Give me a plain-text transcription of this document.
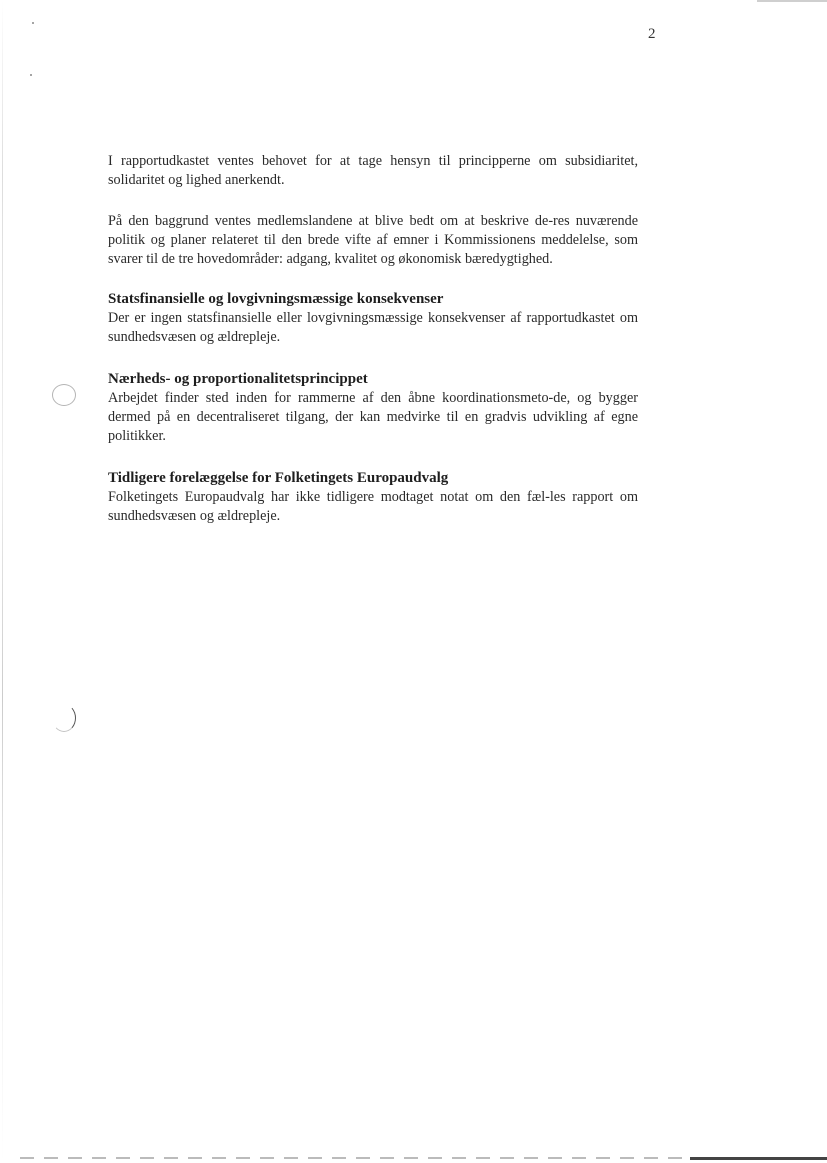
2

I rapportudkastet ventes behovet for at tage hensyn til principperne om subsidiaritet, solidaritet og lighed anerkendt.

På den baggrund ventes medlemslandene at blive bedt om at beskrive de-res nuværende politik og planer relateret til den brede vifte af emner i Kommissionens meddelelse, som svarer til de tre hovedområder: adgang, kvalitet og økonomisk bæredygtighed.

Statsfinansielle og lovgivningsmæssige konsekvenser

Der er ingen statsfinansielle eller lovgivningsmæssige konsekvenser af rapportudkastet om sundhedsvæsen og ældrepleje.

Nærheds- og proportionalitetsprincippet

Arbejdet finder sted inden for rammerne af den åbne koordinationsmeto-de, og bygger dermed på en decentraliseret tilgang, der kan medvirke til en gradvis udvikling af egne politikker.

Tidligere forelæggelse for Folketingets Europaudvalg

Folketingets Europaudvalg har ikke tidligere modtaget notat om den fæl-les rapport om sundhedsvæsen og ældrepleje.
